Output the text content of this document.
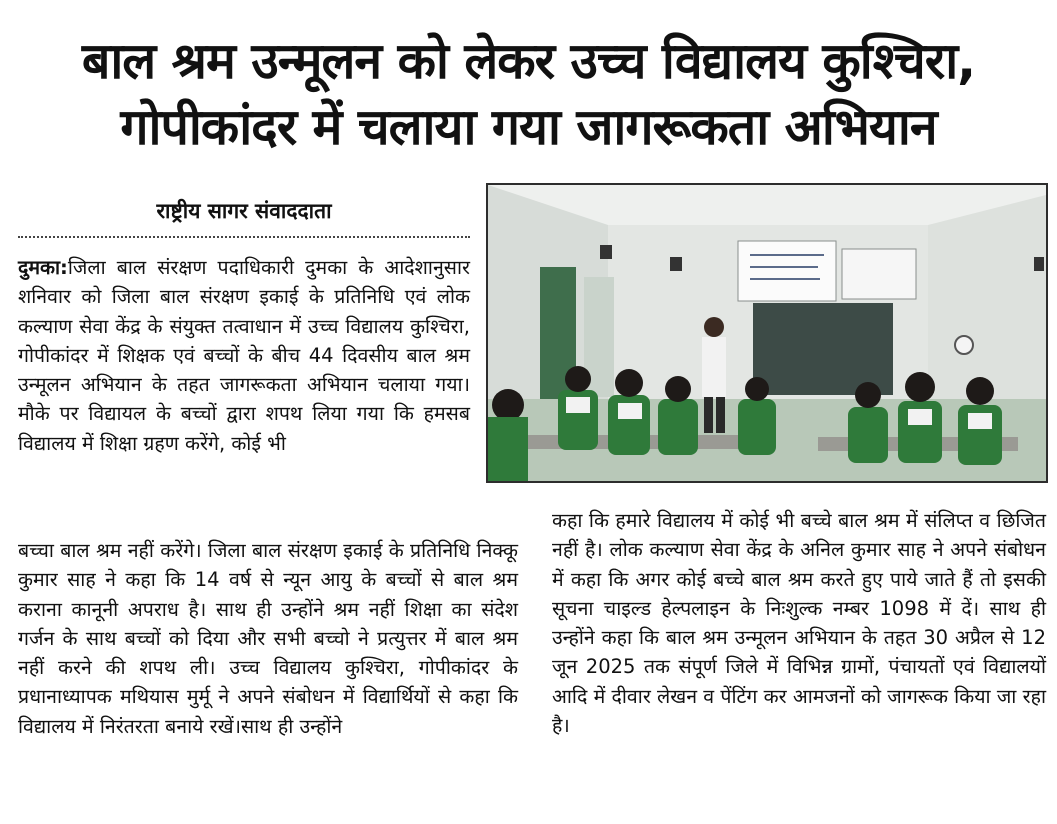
बाल श्रम उन्मूलन को लेकर उच्च विद्यालय कुश्चिरा,
गोपीकांदर में चलाया गया जागरूकता अभियान
राष्ट्रीय सागर संवाददाता

दुमका:जिला बाल संरक्षण पदाधिकारी दुमका के आदेशानुसार शनिवार को जिला बाल संरक्षण इकाई के प्रतिनिधि एवं लोक कल्याण सेवा केंद्र के संयुक्त तत्वाधान में उच्च विद्यालय कुश्चिरा, गोपीकांदर में शिक्षक एवं बच्चों के बीच 44 दिवसीय बाल श्रम उन्मूलन अभियान के तहत जागरूकता अभियान चलाया गया। मौके पर विद्यायल के बच्चों द्वारा शपथ लिया गया कि हमसब विद्यालय में शिक्षा ग्रहण करेंगे, कोई भी

बच्चा बाल श्रम नहीं करेंगे। जिला बाल संरक्षण इकाई के प्रतिनिधि निक्कू कुमार साह ने कहा कि 14 वर्ष से न्यून आयु के बच्चों से बाल श्रम कराना कानूनी अपराध है। साथ ही उन्होंने श्रम नहीं शिक्षा का संदेश गर्जन के साथ बच्चों को दिया और सभी बच्चो ने प्रत्युत्तर में बाल श्रम नहीं करने की शपथ ली। उच्च विद्यालय कुश्चिरा, गोपीकांदर के प्रधानाध्यापक मथियास मुर्मू ने अपने संबोधन में विद्यार्थियों से कहा कि विद्यालय में निरंतरता बनाये रखें।साथ ही उन्होंने

कहा कि हमारे विद्यालय में कोई भी बच्चे बाल श्रम में संलिप्त व छिजित नहीं है। लोक कल्याण सेवा केंद्र के अनिल कुमार साह ने अपने संबोधन में कहा कि अगर कोई बच्चे बाल श्रम करते हुए पाये जाते हैं तो इसकी सूचना चाइल्ड हेल्पलाइन के निःशुल्क नम्बर 1098 में दें। साथ ही उन्होंने कहा कि बाल श्रम उन्मूलन अभियान के तहत 30 अप्रैल से 12 जून 2025 तक संपूर्ण जिले में विभिन्न ग्रामों, पंचायतों एवं विद्यालयों आदि में दीवार लेखन व पेंटिंग कर आमजनों को जागरूक किया जा रहा है।
